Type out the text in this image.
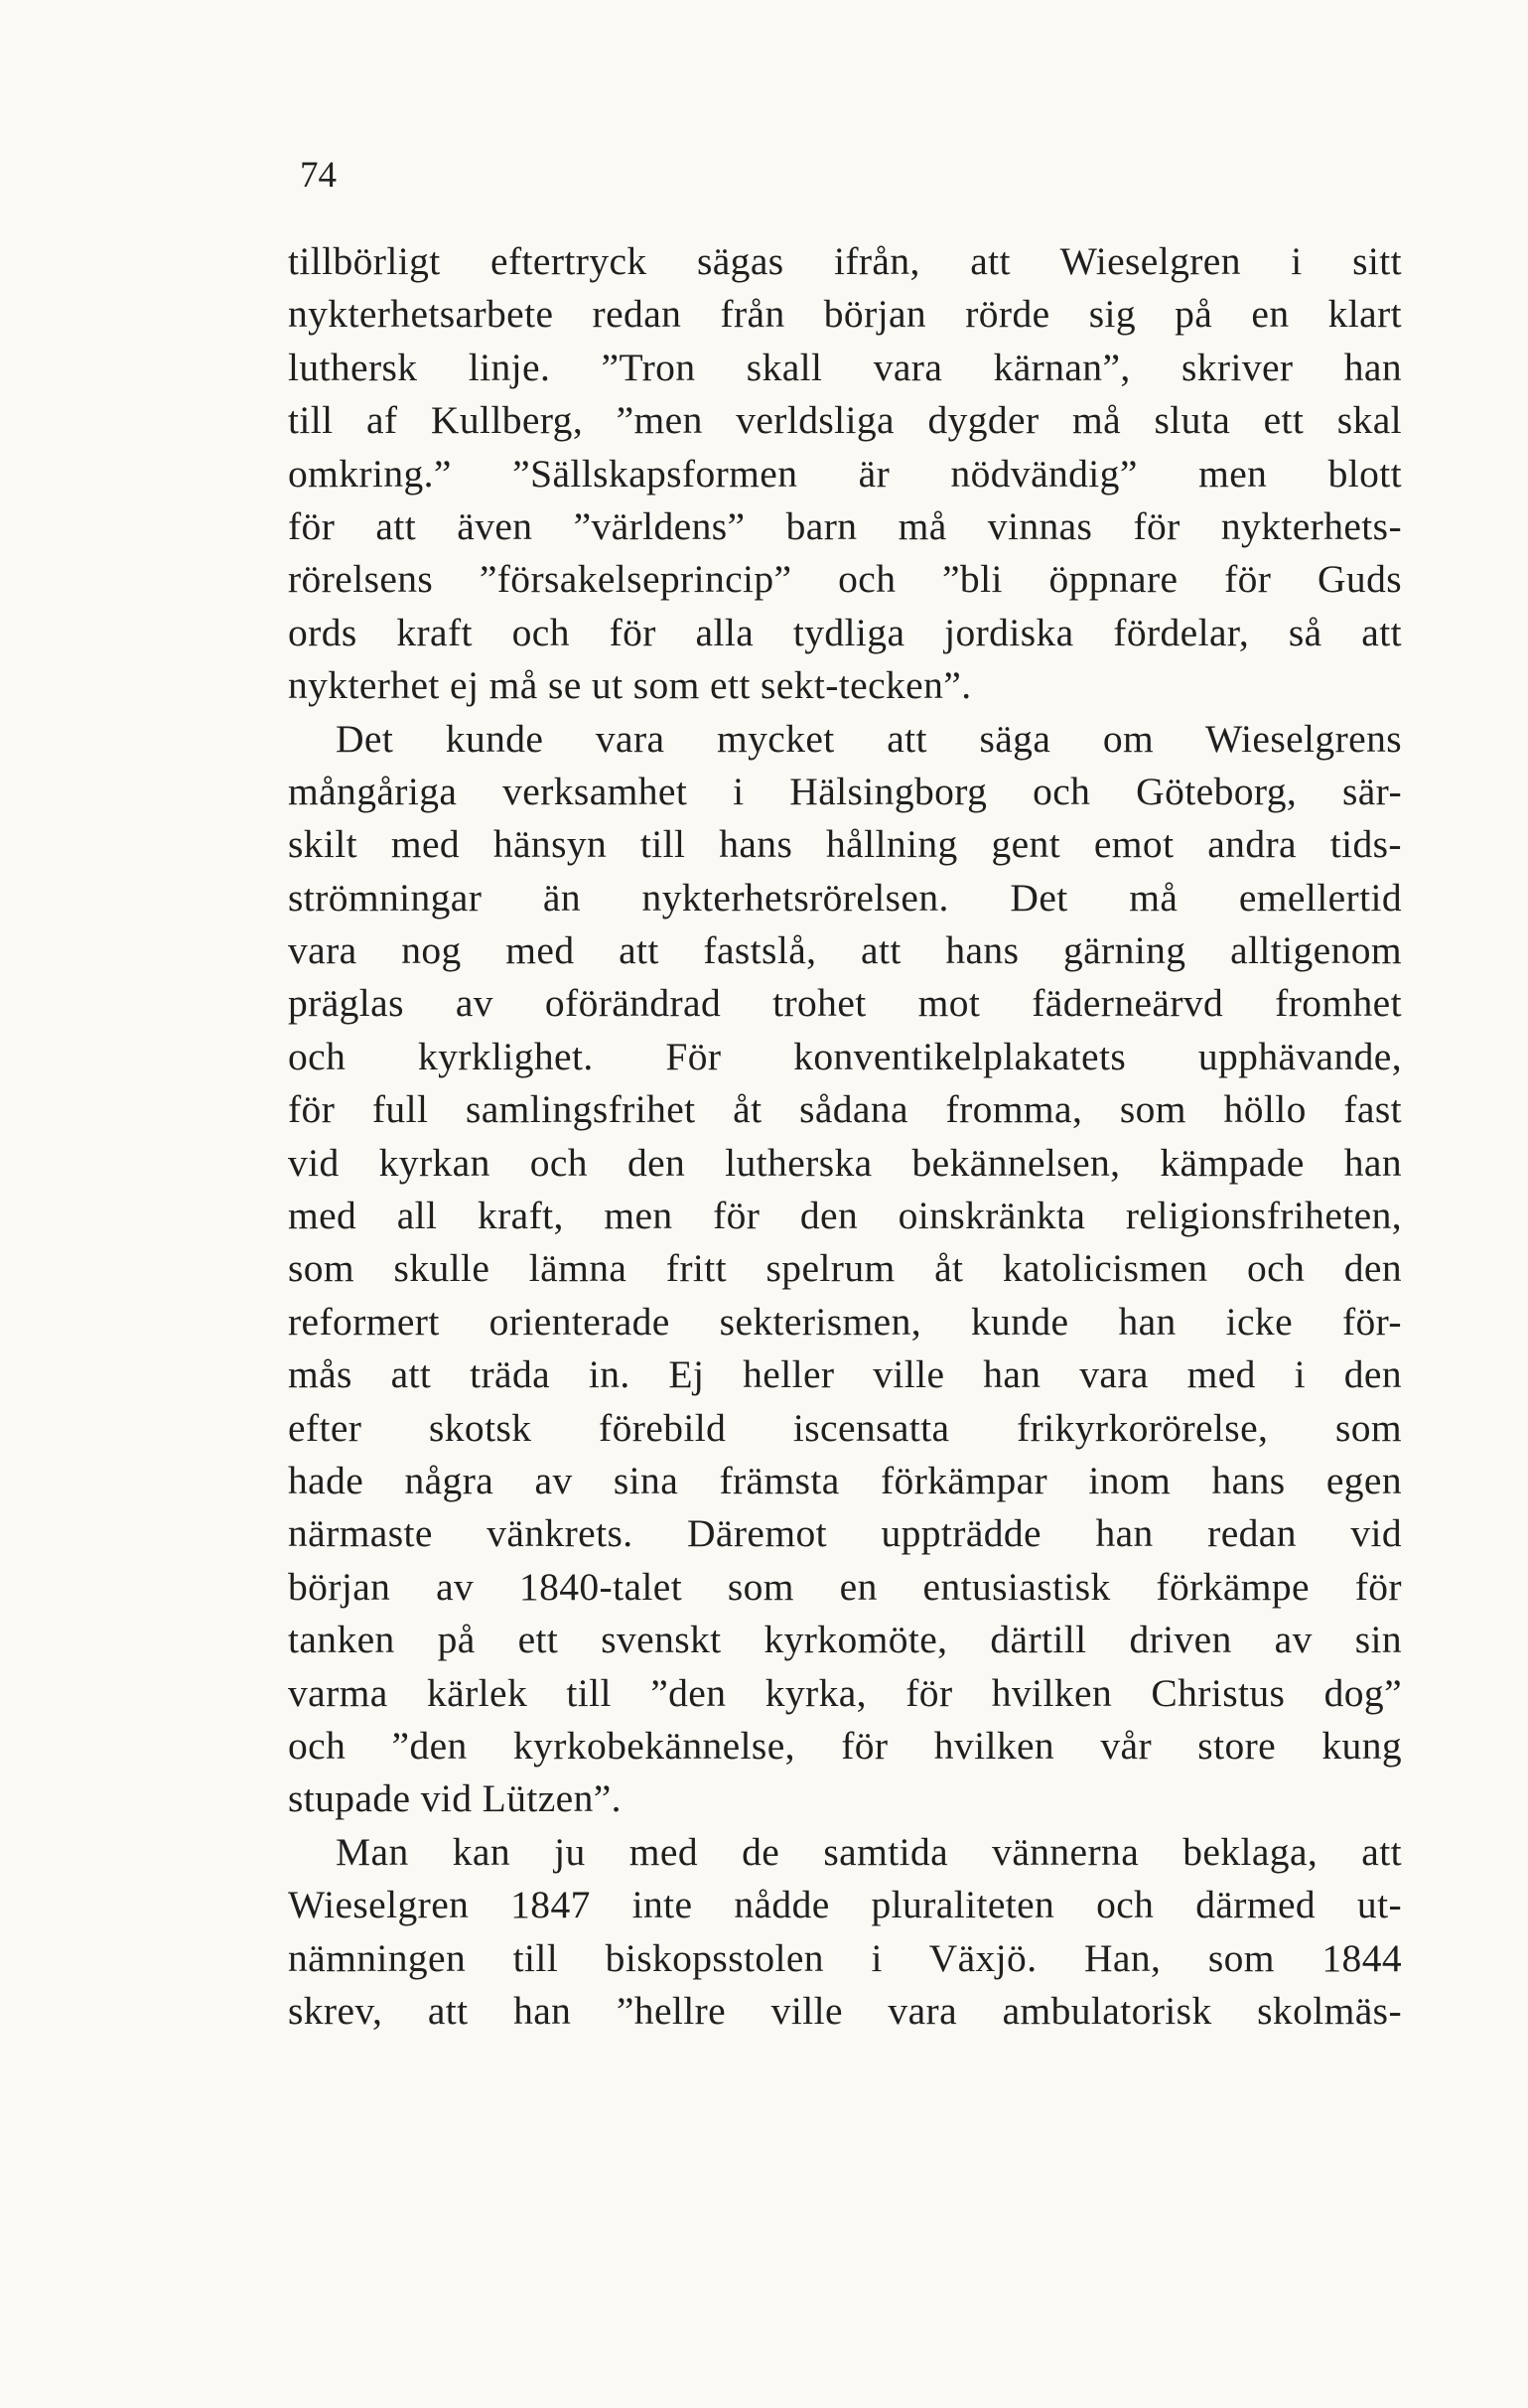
74
tillbörligt eftertryck sägas ifrån, att Wieselgren i sitt
nykterhetsarbete redan från början rörde sig på en klart
luthersk linje. ”Tron skall vara kärnan”, skriver han
till af Kullberg, ”men verldsliga dygder må sluta ett skal
omkring.” ”Sällskapsformen är nödvändig” men blott
för att även ”världens” barn må vinnas för nykterhets-
rörelsens ”försakelseprincip” och ”bli öppnare för Guds
ords kraft och för alla tydliga jordiska fördelar, så att
nykterhet ej må se ut som ett sekt-tecken”.
Det kunde vara mycket att säga om Wieselgrens
mångåriga verksamhet i Hälsingborg och Göteborg, sär-
skilt med hänsyn till hans hållning gent emot andra tids-
strömningar än nykterhetsrörelsen. Det må emellertid
vara nog med att fastslå, att hans gärning alltigenom
präglas av oförändrad trohet mot fäderneärvd fromhet
och kyrklighet. För konventikelplakatets upphävande,
för full samlingsfrihet åt sådana fromma, som höllo fast
vid kyrkan och den lutherska bekännelsen, kämpade han
med all kraft, men för den oinskränkta religionsfriheten,
som skulle lämna fritt spelrum åt katolicismen och den
reformert orienterade sekterismen, kunde han icke för-
mås att träda in. Ej heller ville han vara med i den
efter skotsk förebild iscensatta frikyrkorörelse, som
hade några av sina främsta förkämpar inom hans egen
närmaste vänkrets. Däremot uppträdde han redan vid
början av 1840-talet som en entusiastisk förkämpe för
tanken på ett svenskt kyrkomöte, därtill driven av sin
varma kärlek till ”den kyrka, för hvilken Christus dog”
och ”den kyrkobekännelse, för hvilken vår store kung
stupade vid Lützen”.
Man kan ju med de samtida vännerna beklaga, att
Wieselgren 1847 inte nådde pluraliteten och därmed ut-
nämningen till biskopsstolen i Växjö. Han, som 1844
skrev, att han ”hellre ville vara ambulatorisk skolmäs-
